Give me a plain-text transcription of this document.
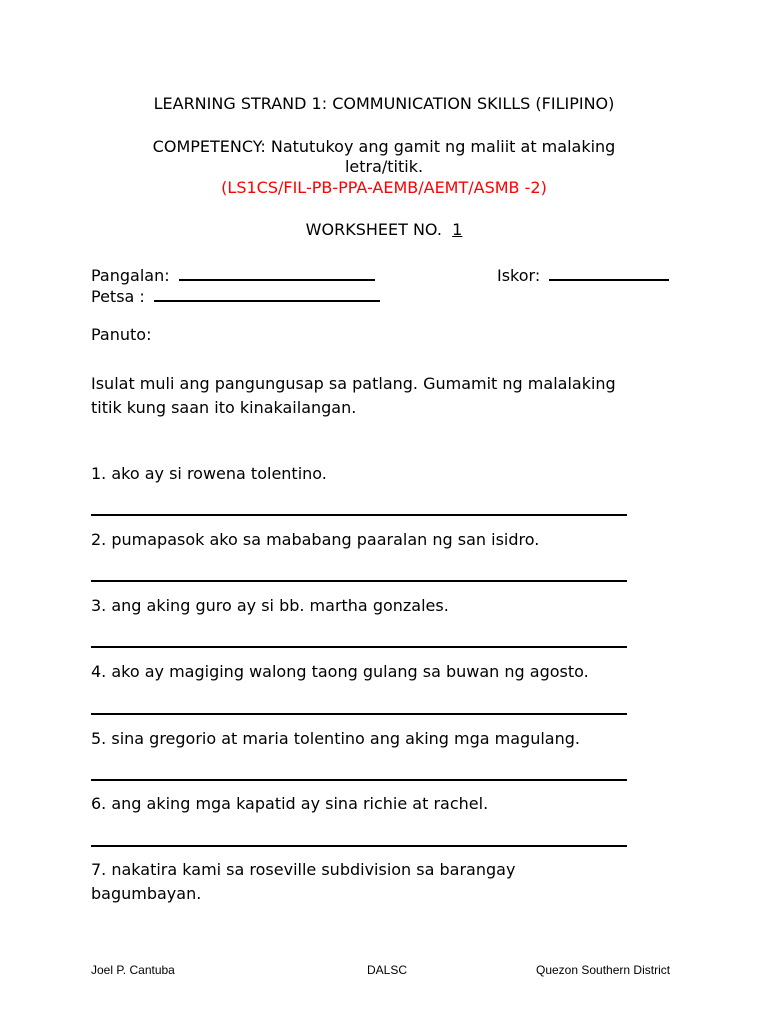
LEARNING STRAND 1: COMMUNICATION SKILLS (FILIPINO)
COMPETENCY: Natutukoy ang gamit ng maliit at malaking
letra/titik.
(LS1CS/FIL-PB-PPA-AEMB/AEMT/ASMB -2)
WORKSHEET NO. 1
Pangalan:	Iskor:
Petsa :
Panuto:
Isulat muli ang pangungusap sa patlang. Gumamit ng malalaking
titik kung saan ito kinakailangan.
1. ako ay si rowena tolentino.
2. pumapasok ako sa mababang paaralan ng san isidro.
3. ang aking guro ay si bb. martha gonzales.
4. ako ay magiging walong taong gulang sa buwan ng agosto.
5. sina gregorio at maria tolentino ang aking mga magulang.
6. ang aking mga kapatid ay sina richie at rachel.
7. nakatira kami sa roseville subdivision sa barangay
bagumbayan.
Joel P. Cantuba	DALSC	Quezon Southern District
